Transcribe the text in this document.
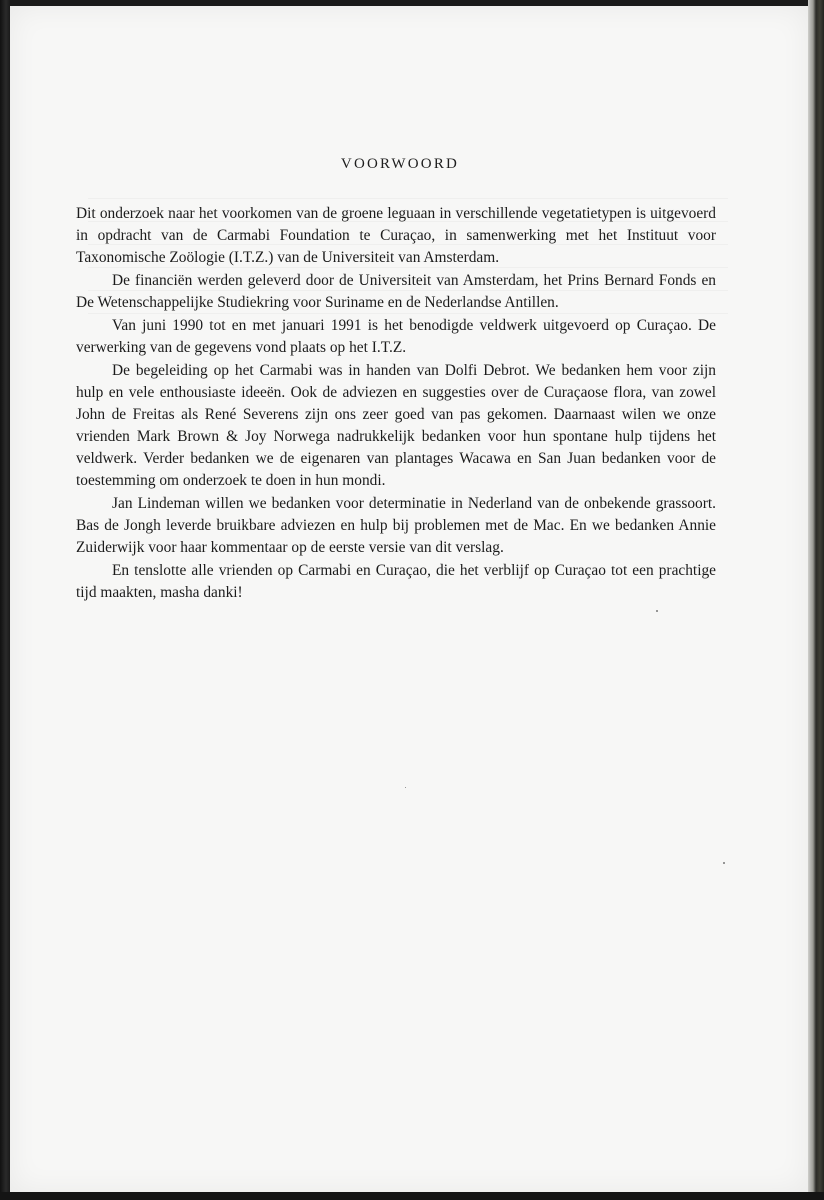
VOORWOORD

Dit onderzoek naar het voorkomen van de groene leguaan in verschillende vegetatietypen is uitgevoerd in opdracht van de Carmabi Foundation te Curaçao, in samenwerking met het Instituut voor Taxonomische Zoölogie (I.T.Z.) van de Universiteit van Amsterdam.

De financiën werden geleverd door de Universiteit van Amsterdam, het Prins Bernard Fonds en De Wetenschappelijke Studiekring voor Suriname en de Nederlandse Antillen.

Van juni 1990 tot en met januari 1991 is het benodigde veldwerk uitgevoerd op Curaçao. De verwerking van de gegevens vond plaats op het I.T.Z.

De begeleiding op het Carmabi was in handen van Dolfi Debrot. We bedanken hem voor zijn hulp en vele enthousiaste ideeën. Ook de adviezen en suggesties over de Curaçaose flora, van zowel John de Freitas als René Severens zijn ons zeer goed van pas gekomen. Daarnaast wilen we onze vrienden Mark Brown & Joy Norwega nadrukkelijk bedanken voor hun spontane hulp tijdens het veldwerk. Verder bedanken we de eigenaren van plantages Wacawa en San Juan bedanken voor de toestemming om onderzoek te doen in hun mondi.

Jan Lindeman willen we bedanken voor determinatie in Nederland van de onbekende grassoort. Bas de Jongh leverde bruikbare adviezen en hulp bij problemen met de Mac. En we bedanken Annie Zuiderwijk voor haar kommentaar op de eerste versie van dit verslag.

En tenslotte alle vrienden op Carmabi en Curaçao, die het verblijf op Curaçao tot een prachtige tijd maakten, masha danki!
